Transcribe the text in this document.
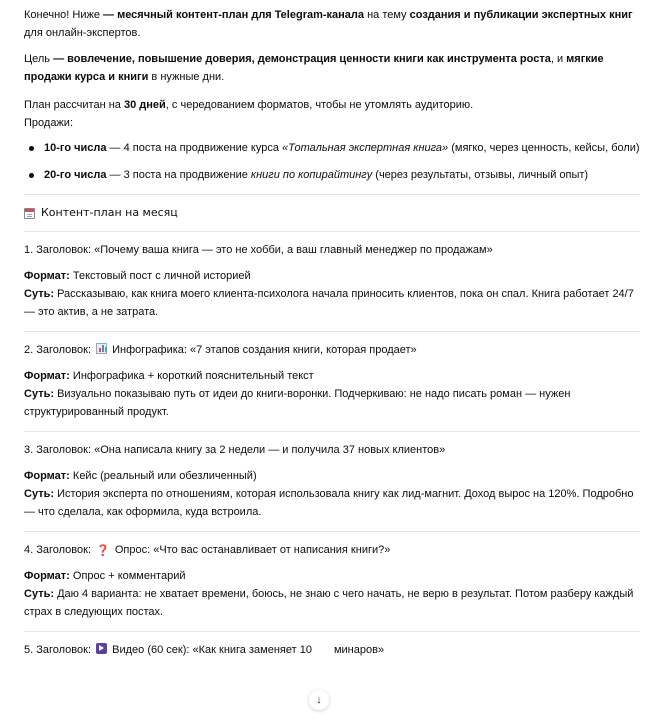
Конечно! Ниже — месячный контент-план для Telegram-канала на тему создания и публикации экспертных книг для онлайн-экспертов.

Цель — вовлечение, повышение доверия, демонстрация ценности книги как инструмента роста, и мягкие продажи курса и книги в нужные дни.

План рассчитан на 30 дней, с чередованием форматов, чтобы не утомлять аудиторию.

Продажи:

10-го числа — 4 поста на продвижение курса «Тотальная экспертная книга» (мягко, через ценность, кейсы, боли)
20-го числа — 3 поста на продвижение книги по копирайтингу (через результаты, отзывы, личный опыт)
Контент-план на месяц

1. Заголовок: «Почему ваша книга — это не хобби, а ваш главный менеджер по продажам»

Формат: Текстовый пост с личной историей

Суть: Рассказываю, как книга моего клиента-психолога начала приносить клиентов, пока он спал. Книга работает 24/7
— это актив, а не затрата.

2. Заголовок: Инфографика: «7 этапов создания книги, которая продает»

Формат: Инфографика + короткий пояснительный текст

Суть: Визуально показываю путь от идеи до книги-воронки. Подчеркиваю: не надо писать роман — нужен
структурированный продукт.

3. Заголовок: «Она написала книгу за 2 недели — и получила 37 новых клиентов»

Формат: Кейс (реальный или обезличенный)

Суть: История эксперта по отношениям, которая использовала книгу как лид-магнит. Доход вырос на 120%. Подробно
— что сделала, как оформила, куда встроила.

4. Заголовок: ❓ Опрос: «Что вас останавливает от написания книги?»

Формат: Опрос + комментарий

Суть: Даю 4 варианта: не хватает времени, боюсь, не знаю с чего начать, не верю в результат. Потом разберу каждый
страх в следующих постах.

5. Заголовок: Видео (60 сек): «Как книга заменяет 10 минаров»

↓
